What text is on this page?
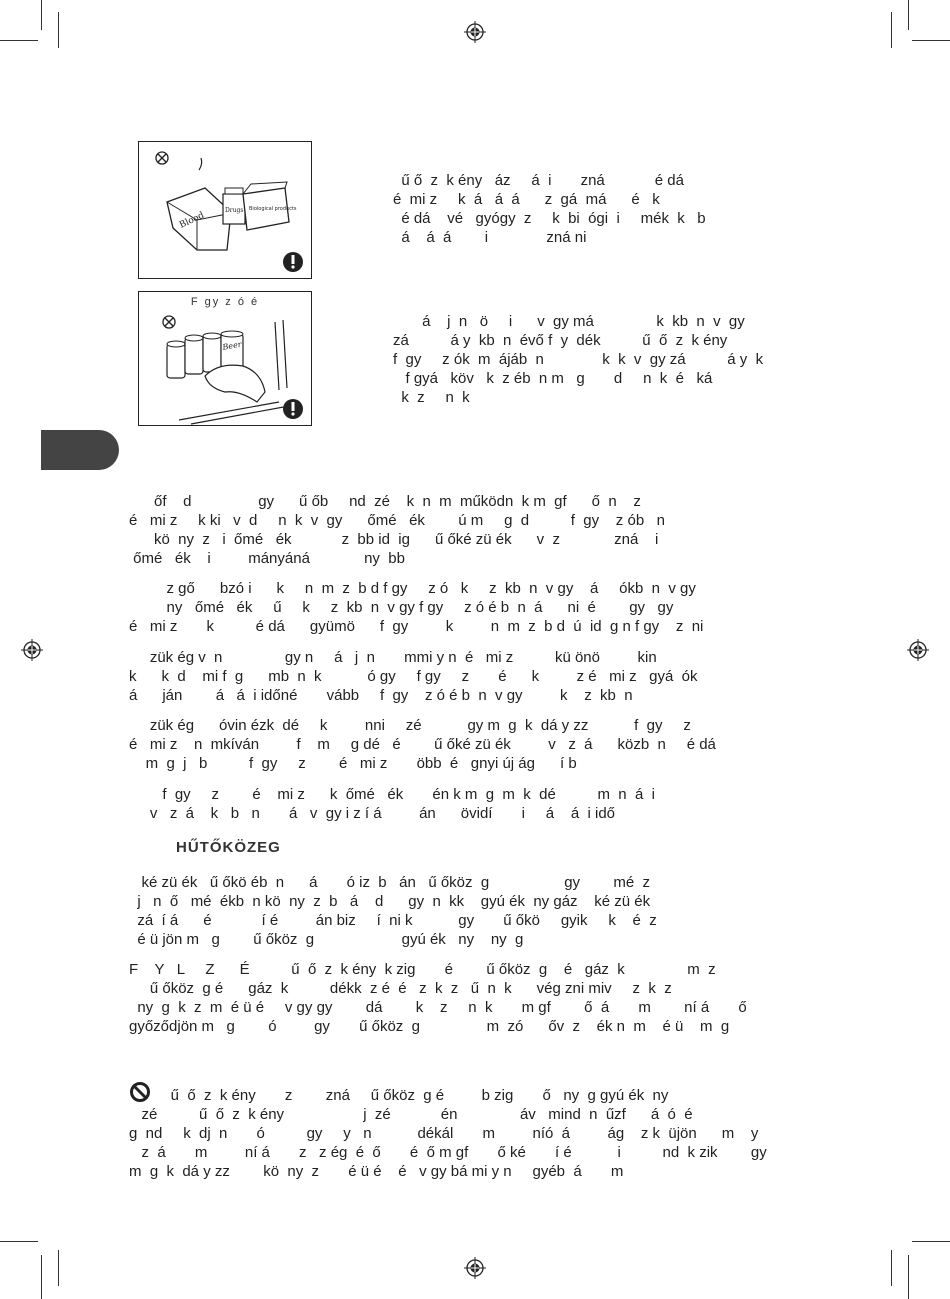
Blood
Drugs Biological products
F gy z ó é
Beer
ű ő  z  k ény   áz     á  i       zná            é dá
é  mi z     k  á   á  á      z  gá  má      é   k
é dá    vé   gyógy  z     k  bi  ógi  i     mék  k   b
á    á  á        i              zná ni
á    j  n   ö     i      v  gy má               k  kb  n  v  gy
zá          á y  kb  n  évő f  y  dék          ű  ő  z  k ény
f  gy     z ók  m  ájáb  n              k  k  v  gy zá          á y  k
f gyá   köv   k  z éb  n m   g       d     n  k  é   ká
k  z     n  k
őf    d                gy      ű őb     nd  zé    k  n  m  működn  k m  gf      ő  n    z
é   mi z     k ki   v  d     n  k  v  gy      őmé   ék        ú m     g  d          f  gy    z ób   n
kö  ny  z   i  őmé   ék            z  bb id  ig      ű őké zü ék      v  z             zná    i
őmé   ék    i         mányáná             ny  bb
z gő      bzó i      k     n  m  z  b d f gy     z ó   k     z  kb  n  v gy    á     ókb  n  v gy
ny   őmé   ék     ű     k     z  kb  n  v gy f gy     z ó é b  n  á      ni  é        gy   gy
é   mi z       k          é dá      gyümö      f  gy         k         n  m  z  b d  ú  id  g n f gy    z  ni
zük ég v  n               gy n     á   j  n       mmi y n  é   mi z          kü önö         kin
k      k  d    mi f  g      mb  n  k           ó gy     f gy     z       é      k         z é   mi z   gyá  ók
á      ján        á   á  i időné       vább     f  gy    z ó é b  n  v gy         k    z  kb  n
zük ég      óvin ézk  dé     k         nni     zé           gy m  g  k  dá y zz           f  gy     z
é   mi z    n  mkíván         f    m     g dé   é        ű őké zü ék         v   z  á      közb  n     é dá
m  g  j   b          f  gy     z        é   mi z       öbb  é   gnyi új ág      í b
f  gy     z        é    mi z      k  őmé   ék       én k m  g  m  k  dé          m  n  á  i
v   z  á    k   b   n       á   v  gy i z í á         án      övidí       i     á    á  i idő
HŰTŐKÖZEG
ké zü ék   ű őkö éb  n      á       ó iz  b   án   ű őköz  g                  gy        mé  z
j   n  ő   mé  ékb  n kö  ny  z  b   á    d      gy  n  kk    gyú ék  ny gáz    ké zü ék
zá  í á      é            í é         án biz     í  ni k           gy       ű őkö     gyik     k    é  z
é ü jön m   g        ű őköz  g                     gyú ék   ny    ny  g
F    Y   L     Z      É          ű  ő  z  k ény  k zig       é        ű őköz  g    é   gáz  k               m  z
ű őköz  g é      gáz  k          dékk  z é  é   z  k  z   ű  n  k      vég zni miv     z  k  z
ny  g  k  z  m  é ü é     v gy gy        dá        k    z     n  k       m gf        ő  á       m        ní á       ő
győződjön m   g        ó         gy       ű őköz  g                m  zó      őv  z    ék n  m    é ü    m  g
ű  ő  z  k ény       z        zná     ű őköz  g é         b zig       ő   ny  g gyú ék  ny
zé          ű  ő  z  k ény                   j  zé            én               áv   mind  n  űzf      á  ó  é
g  nd     k  dj  n       ó          gy     y   n           dékál       m         níó  á         ág    z k  üjön      m    y
z  á       m         ní á       z   z ég  é  ő       é  ő m gf       ő ké       í é           i          nd  k zik        gy
m  g  k  dá y zz        kö  ny  z       é ü é    é   v gy bá mi y n     gyéb  á       m
